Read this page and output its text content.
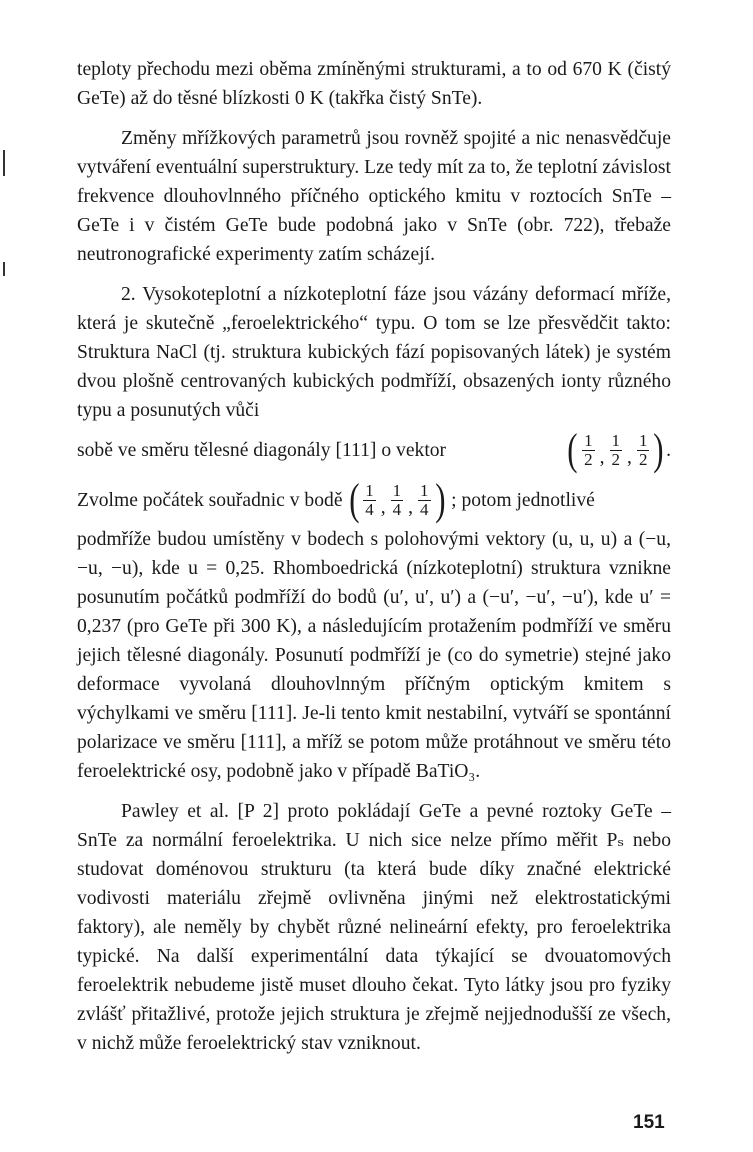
teploty přechodu mezi oběma zmíněnými strukturami, a to od 670 K (čistý GeTe) až do těsné blízkosti 0 K (takřka čistý SnTe).

Změny mřížkových parametrů jsou rovněž spojité a nic nenasvědčuje vytváření eventuální superstruktury. Lze tedy mít za to, že teplotní závislost frekvence dlouhovlnného příčného optického kmitu v roztocích SnTe – GeTe i v čistém GeTe bude podobná jako v SnTe (obr. 722), třebaže neutronografické experimenty zatím scházejí.

2. Vysokoteplotní a nízkoteplotní fáze jsou vázány deformací mříže, která je skutečně „feroelektrického“ typu. O tom se lze přesvědčit takto: Struktura NaCl (tj. struktura kubických fází popisovaných látek) je systém dvou plošně centrovaných kubických podmříží, obsazených ionty různého typu a posunutých vůči

sobě ve směru tělesné diagonály [111] o vektor	( 1
2 ,
1
2 ,
1
2 ) .
Zvolme počátek souřadnic v bodě ( 1
4 ,
1
4 ,
1
4 ) ; potom jednotlivé

podmříže budou umístěny v bodech s polohovými vektory (u, u, u) a (−u, −u, −u), kde u = 0,25. Rhomboedrická (nízkoteplotní) struktura vznikne posunutím počátků podmříží do bodů (u′, u′, u′) a (−u′, −u′, −u′), kde u′ = 0,237 (pro GeTe při 300 K), a následujícím protažením podmříží ve směru jejich tělesné diagonály. Posunutí podmříží je (co do symetrie) stejné jako deformace vyvolaná dlouhovlnným příčným optickým kmitem s výchylkami ve směru [111]. Je-li tento kmit nestabilní, vytváří se spontánní polarizace ve směru [111], a mříž se potom může protáhnout ve směru této feroelektrické osy, podobně jako v případě BaTiO₃.

Pawley et al. [P 2] proto pokládají GeTe a pevné roztoky GeTe – SnTe za normální feroelektrika. U nich sice nelze přímo měřit Pₛ nebo studovat doménovou strukturu (ta která bude díky značné elektrické vodivosti materiálu zřejmě ovlivněna jinými než elektrostatickými faktory), ale neměly by chybět různé nelineární efekty, pro feroelektrika typické. Na další experimentální data týkající se dvouatomových feroelektrik nebudeme jistě muset dlouho čekat. Tyto látky jsou pro fyziky zvlášť přitažlivé, protože jejich struktura je zřejmě nejjednodušší ze všech, v nichž může feroelektrický stav vzniknout.

151
